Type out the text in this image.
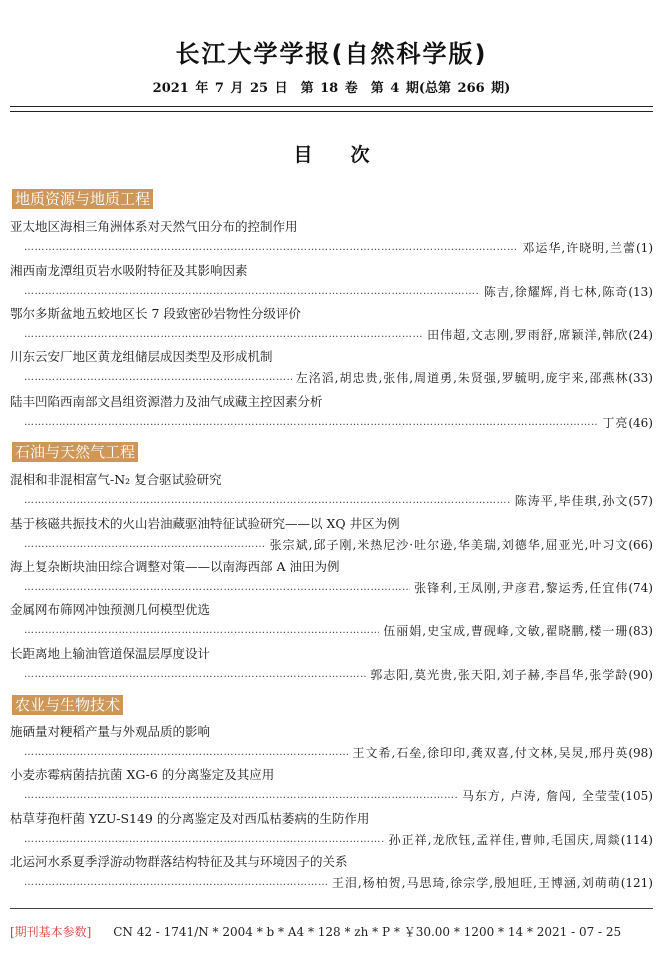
长江大学学报(自然科学版)
2021 年 7 月 25 日　第 18 卷　第 4 期(总第 266 期)
目次
地质资源与地质工程
亚太地区海相三角洲体系对天然气田分布的控制作用
……………………………………………………………………………………………………………………………………………………………………………………………………………………
邓运华,许晓明,兰蕾 (1)
湘西南龙潭组页岩水吸附特征及其影响因素
……………………………………………………………………………………………………………………………………………………………………………………………………………………
陈吉,徐耀辉,肖七林,陈奇 (13)
鄂尔多斯盆地五蛟地区长 7 段致密砂岩物性分级评价
……………………………………………………………………………………………………………………………………………………………………………………………………………………
田伟超,文志刚,罗雨舒,席颖洋,韩欣 (24)
川东云安厂地区黄龙组储层成因类型及形成机制
……………………………………………………………………………………………………………………………………………………………………………………………………………………
左洺滔,胡忠贵,张伟,周道勇,朱贤强,罗毓明,庞宇来,邵燕林 (33)
陆丰凹陷西南部文昌组资源潜力及油气成藏主控因素分析
……………………………………………………………………………………………………………………………………………………………………………………………………………………
丁亮 (46)
石油与天然气工程
混相和非混相富气-N₂ 复合驱试验研究
……………………………………………………………………………………………………………………………………………………………………………………………………………………
陈涛平,毕佳琪,孙文 (57)
基于核磁共振技术的火山岩油藏驱油特征试验研究——以 XQ 井区为例
……………………………………………………………………………………………………………………………………………………………………………………………………………………
张宗斌,邱子刚,米热尼沙·吐尔逊,华美瑞,刘德华,屈亚光,叶习文 (66)
海上复杂断块油田综合调整对策——以南海西部 A 油田为例
……………………………………………………………………………………………………………………………………………………………………………………………………………………
张锋利,王凤刚,尹彦君,黎运秀,任宜伟 (74)
金属网布筛网冲蚀预测几何模型优选
……………………………………………………………………………………………………………………………………………………………………………………………………………………
伍丽娟,史宝成,曹砚峰,文敏,翟晓鹏,楼一珊 (83)
长距离地上输油管道保温层厚度设计
……………………………………………………………………………………………………………………………………………………………………………………………………………………
郭志阳,莫光贵,张天阳,刘子赫,李昌华,张学龄 (90)
农业与生物技术
施硒量对粳稻产量与外观品质的影响
……………………………………………………………………………………………………………………………………………………………………………………………………………………
王文希,石垒,徐印印,龚双喜,付文林,吴炅,邢丹英 (98)
小麦赤霉病菌拮抗菌 XG-6 的分离鉴定及其应用
……………………………………………………………………………………………………………………………………………………………………………………………………………………
马东方, 卢涛, 詹闯, 全莹莹 (105)
枯草芽孢杆菌 YZU-S149 的分离鉴定及对西瓜枯萎病的生防作用
……………………………………………………………………………………………………………………………………………………………………………………………………………………
孙正祥,龙欣钰,孟祥佳,曹帅,毛国庆,周燚 (114)
北运河水系夏季浮游动物群落结构特征及其与环境因子的关系
……………………………………………………………………………………………………………………………………………………………………………………………………………………
王泪,杨柏贺,马思琦,徐宗学,殷旭旺,王博涵,刘萌萌 (121)
[期刊基本参数] CN 42 - 1741/N * 2004 * b * A4 * 128 * zh * P * ￥30.00 * 1200 * 14 * 2021 - 07 - 25
